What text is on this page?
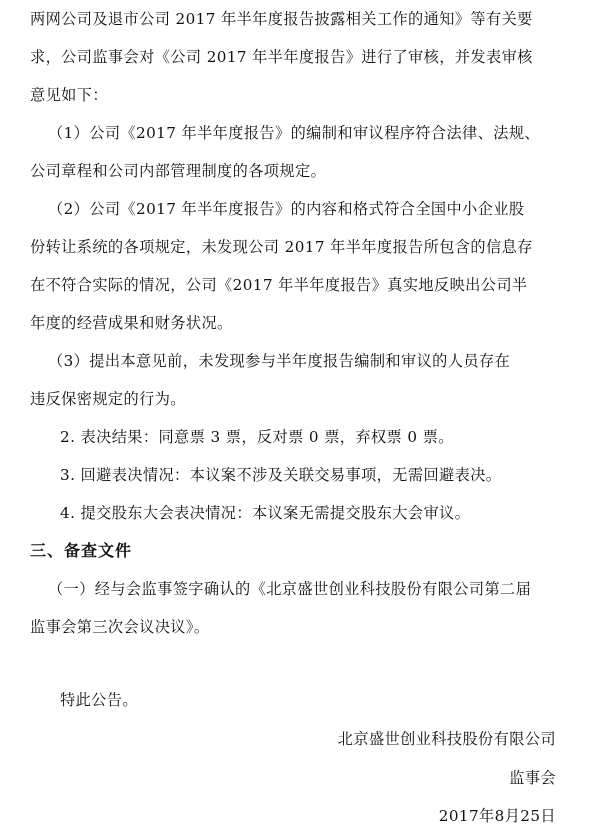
两网公司及退市公司 2017 年半年度报告披露相关工作的通知》等有关要
求，公司监事会对《公司 2017 年半年度报告》进行了审核，并发表审核
意见如下：
（1）公司《2017 年半年度报告》的编制和审议程序符合法律、法规、
公司章程和公司内部管理制度的各项规定。
（2）公司《2017 年半年度报告》的内容和格式符合全国中小企业股
份转让系统的各项规定，未发现公司 2017 年半年度报告所包含的信息存
在不符合实际的情况，公司《2017 年半年度报告》真实地反映出公司半
年度的经营成果和财务状况。
（3）提出本意见前，未发现参与半年度报告编制和审议的人员存在
违反保密规定的行为。
2. 表决结果：同意票 3 票，反对票 0 票，弃权票 0 票。
3. 回避表决情况：本议案不涉及关联交易事项，无需回避表决。
4. 提交股东大会表决情况：本议案无需提交股东大会审议。
三、备查文件
（一）经与会监事签字确认的《北京盛世创业科技股份有限公司第二届
监事会第三次会议决议》。
特此公告。
北京盛世创业科技股份有限公司
监事会
2017年8月25日
